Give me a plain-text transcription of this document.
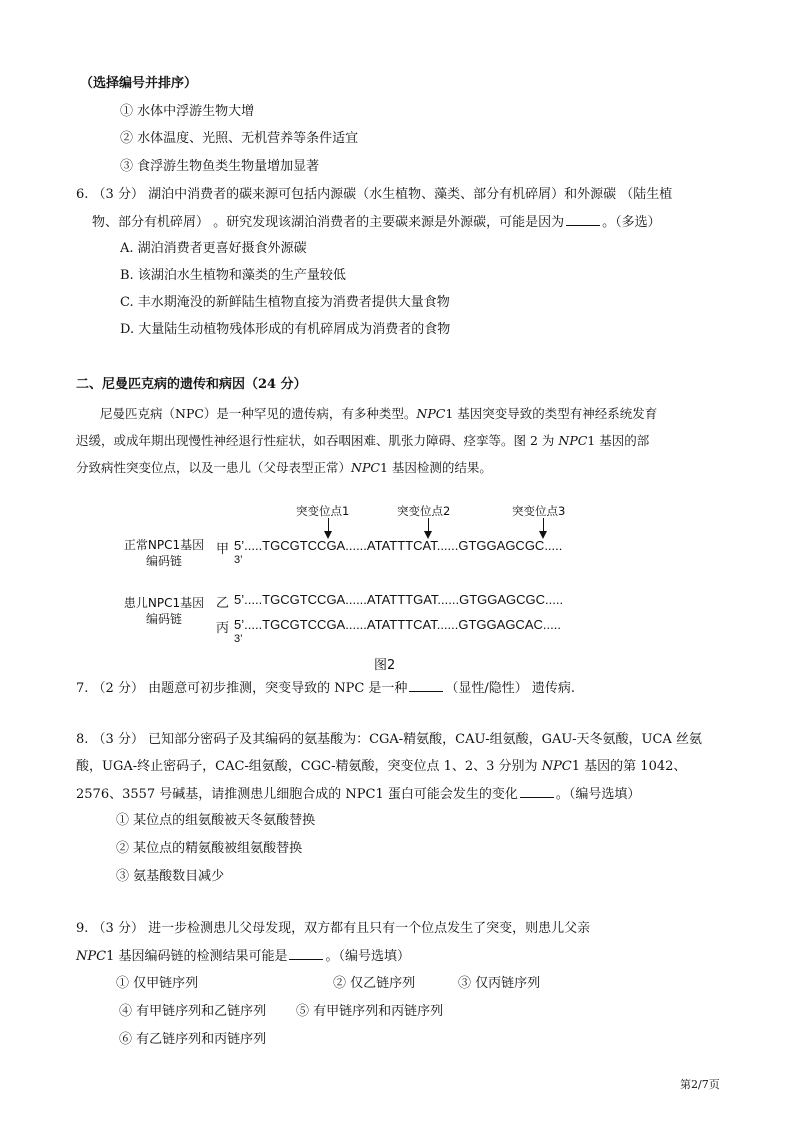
（选择编号并排序）
① 水体中浮游生物大增
② 水体温度、光照、无机营养等条件适宜
③ 食浮游生物鱼类生物量增加显著
6. （3 分） 湖泊中消费者的碳来源可包括内源碳（水生植物、藻类、部分有机碎屑）和外源碳 （陆生植
物、部分有机碎屑） 。研究发现该湖泊消费者的主要碳来源是外源碳，可能是因为	。（多选）
A. 湖泊消费者更喜好摄食外源碳
B. 该湖泊水生植物和藻类的生产量较低
C. 丰水期淹没的新鲜陆生植物直接为消费者提供大量食物
D. 大量陆生动植物残体形成的有机碎屑成为消费者的食物
二、尼曼匹克病的遗传和病因（24 分）
尼曼匹克病（NPC）是一种罕见的遗传病，有多种类型。NPC1 基因突变导致的类型有神经系统发育
迟缓，或成年期出现慢性神经退行性症状，如吞咽困难、肌张力障碍、痉挛等。图 2 为 NPC1 基因的部
分致病性突变位点，以及一患儿（父母表型正常）NPC1 基因检测的结果。
突变位点1	突变位点2	突变位点3
正常NPC1基因
编码链
甲 5’.....TGCGTCCGA......ATATTTCAT......GTGGAGCGC.....
3’
患儿NPC1基因
编码链
乙 5’.....TGCGTCCGA......ATATTTGAT......GTGGAGCGC.....
丙 5’.....TGCGTCCGA......ATATTTCAT......GTGGAGCAC.....
3’
图2
7. （2 分） 由题意可初步推测，突变导致的 NPC 是一种	（显性/隐性） 遗传病.
8. （3 分） 已知部分密码子及其编码的氨基酸为：CGA-精氨酸，CAU-组氨酸，GAU-天冬氨酸，UCA 丝氨
酸，UGA-终止密码子，CAC-组氨酸，CGC-精氨酸，突变位点 1、2、3 分别为 NPC1 基因的第 1042、
2576、3557 号碱基，请推测患儿细胞合成的 NPC1 蛋白可能会发生的变化	。（编号选填）
① 某位点的组氨酸被天冬氨酸替换
② 某位点的精氨酸被组氨酸替换
③ 氨基酸数目减少
9. （3 分） 进一步检测患儿父母发现，双方都有且只有一个位点发生了突变，则患儿父亲
NPC1 基因编码链的检测结果可能是	。（编号选填）
① 仅甲链序列	② 仅乙链序列	③ 仅丙链序列
④ 有甲链序列和乙链序列 ⑤ 有甲链序列和丙链序列
⑥ 有乙链序列和丙链序列
第2/7页
